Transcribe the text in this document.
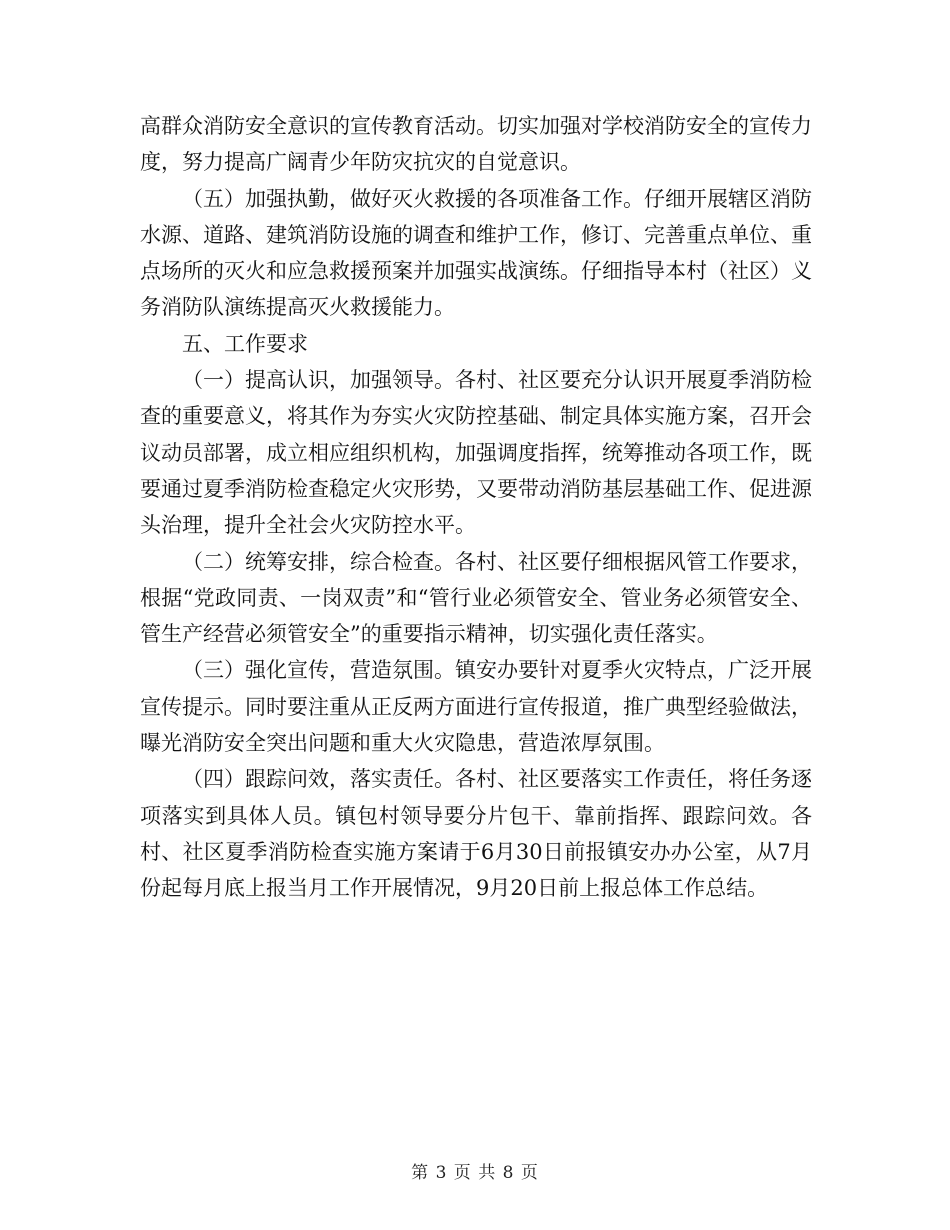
高群众消防安全意识的宣传教育活动。切实加强对学校消防安全的宣传力度，努力提高广阔青少年防灾抗灾的自觉意识。

（五）加强执勤，做好灭火救援的各项准备工作。仔细开展辖区消防水源、道路、建筑消防设施的调查和维护工作，修订、完善重点单位、重点场所的灭火和应急救援预案并加强实战演练。仔细指导本村（社区）义务消防队演练提高灭火救援能力。

五、工作要求

（一）提高认识，加强领导。各村、社区要充分认识开展夏季消防检查的重要意义，将其作为夯实火灾防控基础、制定具体实施方案，召开会议动员部署，成立相应组织机构，加强调度指挥，统筹推动各项工作，既要通过夏季消防检查稳定火灾形势，又要带动消防基层基础工作、促进源头治理，提升全社会火灾防控水平。

（二）统筹安排，综合检查。各村、社区要仔细根据风管工作要求，根据“党政同责、一岗双责”和“管行业必须管安全、管业务必须管安全、管生产经营必须管安全”的重要指示精神，切实强化责任落实。

（三）强化宣传，营造氛围。镇安办要针对夏季火灾特点，广泛开展宣传提示。同时要注重从正反两方面进行宣传报道，推广典型经验做法，曝光消防安全突出问题和重大火灾隐患，营造浓厚氛围。

（四）跟踪问效，落实责任。各村、社区要落实工作责任，将任务逐项落实到具体人员。镇包村领导要分片包干、靠前指挥、跟踪问效。各村、社区夏季消防检查实施方案请于6月30日前报镇安办办公室，从7月份起每月底上报当月工作开展情况，9月20日前上报总体工作总结。

第 3 页 共 8 页
